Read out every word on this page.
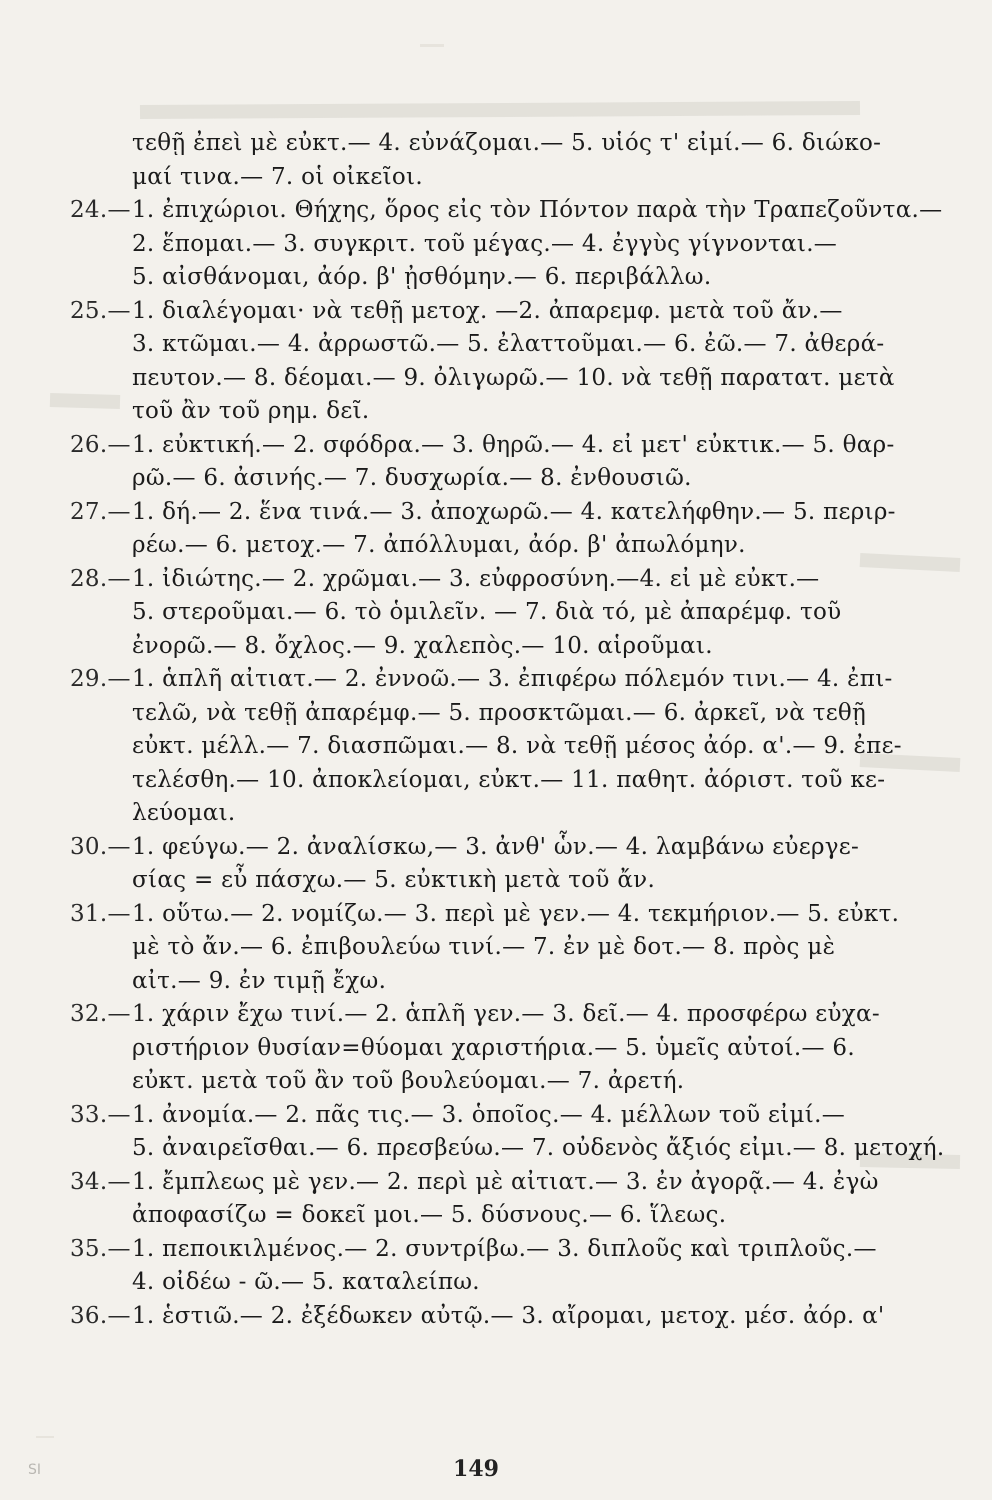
τεθῇ ἐπεὶ μὲ εὐκτ.— 4. εὐνάζομαι.— 5. υἱός τ' εἰμί.— 6. διώκο-
μαί τινα.— 7. οἱ οἰκεῖοι.
24.— 1. ἐπιχώριοι. Θήχης, ὅρος εἰς τὸν Πόντον παρὰ τὴν Τραπεζοῦντα.—
2. ἕπομαι.— 3. συγκριτ. τοῦ μέγας.— 4. ἐγγὺς γίγνονται.—
5. αἰσθάνομαι, ἀόρ. β' ᾐσθόμην.— 6. περιβάλλω.
25.— 1. διαλέγομαι· νὰ τεθῇ μετοχ. —2. ἀπαρεμφ. μετὰ τοῦ ἄν.—
3. κτῶμαι.— 4. ἀρρωστῶ.— 5. ἐλαττοῦμαι.— 6. ἐῶ.— 7. ἀθερά-
πευτον.— 8. δέομαι.— 9. ὀλιγωρῶ.— 10. νὰ τεθῇ παρατατ. μετὰ
τοῦ ἂν τοῦ ρημ. δεῖ.
26.— 1. εὐκτική.— 2. σφόδρα.— 3. θηρῶ.— 4. εἰ μετ' εὐκτικ.— 5. θαρ-
ρῶ.— 6. ἀσινής.— 7. δυσχωρία.— 8. ἐνθουσιῶ.
27.— 1. δή.— 2. ἕνα τινά.— 3. ἀποχωρῶ.— 4. κατελήφθην.— 5. περιρ-
ρέω.— 6. μετοχ.— 7. ἀπόλλυμαι, ἀόρ. β' ἀπωλόμην.
28.— 1. ἰδιώτης.— 2. χρῶμαι.— 3. εὐφροσύνη.—4. εἰ μὲ εὐκτ.—
5. στεροῦμαι.— 6. τὸ ὁμιλεῖν. — 7. διὰ τό, μὲ ἀπαρέμφ. τοῦ
ἐνορῶ.— 8. ὄχλος.— 9. χαλεπὸς.— 10. αἱροῦμαι.
29.— 1. ἁπλῆ αἰτιατ.— 2. ἐννοῶ.— 3. ἐπιφέρω πόλεμόν τινι.— 4. ἐπι-
τελῶ, νὰ τεθῇ ἀπαρέμφ.— 5. προσκτῶμαι.— 6. ἀρκεῖ, νὰ τεθῇ
εὐκτ. μέλλ.— 7. διασπῶμαι.— 8. νὰ τεθῇ μέσος ἀόρ. α'.— 9. ἐπε-
τελέσθη.— 10. ἀποκλείομαι, εὐκτ.— 11. παθητ. ἀόριστ. τοῦ κε-
λεύομαι.
30.— 1. φεύγω.— 2. ἀναλίσκω,— 3. ἀνθ' ὧν.— 4. λαμβάνω εὐεργε-
σίας = εὖ πάσχω.— 5. εὐκτικὴ μετὰ τοῦ ἄν.
31.— 1. οὕτω.— 2. νομίζω.— 3. περὶ μὲ γεν.— 4. τεκμήριον.— 5. εὐκτ.
μὲ τὸ ἄν.— 6. ἐπιβουλεύω τινί.— 7. ἐν μὲ δοτ.— 8. πρὸς μὲ
αἰτ.— 9. ἐν τιμῇ ἔχω.
32.— 1. χάριν ἔχω τινί.— 2. ἁπλῆ γεν.— 3. δεῖ.— 4. προσφέρω εὐχα-
ριστήριον θυσίαν=θύομαι χαριστήρια.— 5. ὑμεῖς αὐτοί.— 6.
εὐκτ. μετὰ τοῦ ἂν τοῦ βουλεύομαι.— 7. ἀρετή.
33.— 1. ἀνομία.— 2. πᾶς τις.— 3. ὁποῖος.— 4. μέλλων τοῦ εἰμί.—
5. ἀναιρεῖσθαι.— 6. πρεσβεύω.— 7. οὐδενὸς ἄξιός εἰμι.— 8. μετοχή.
34.— 1. ἔμπλεως μὲ γεν.— 2. περὶ μὲ αἰτιατ.— 3. ἐν ἀγορᾷ.— 4. ἐγὼ
ἀποφασίζω = δοκεῖ μοι.— 5. δύσνους.— 6. ἵλεως.
35.— 1. πεποικιλμένος.— 2. συντρίβω.— 3. διπλοῦς καὶ τριπλοῦς.—
4. οἰδέω - ῶ.— 5. καταλείπω.
36.— 1. ἑστιῶ.— 2. ἐξέδωκεν αὐτῷ.— 3. αἴρομαι, μετοχ. μέσ. ἀόρ. α'
149
SI
